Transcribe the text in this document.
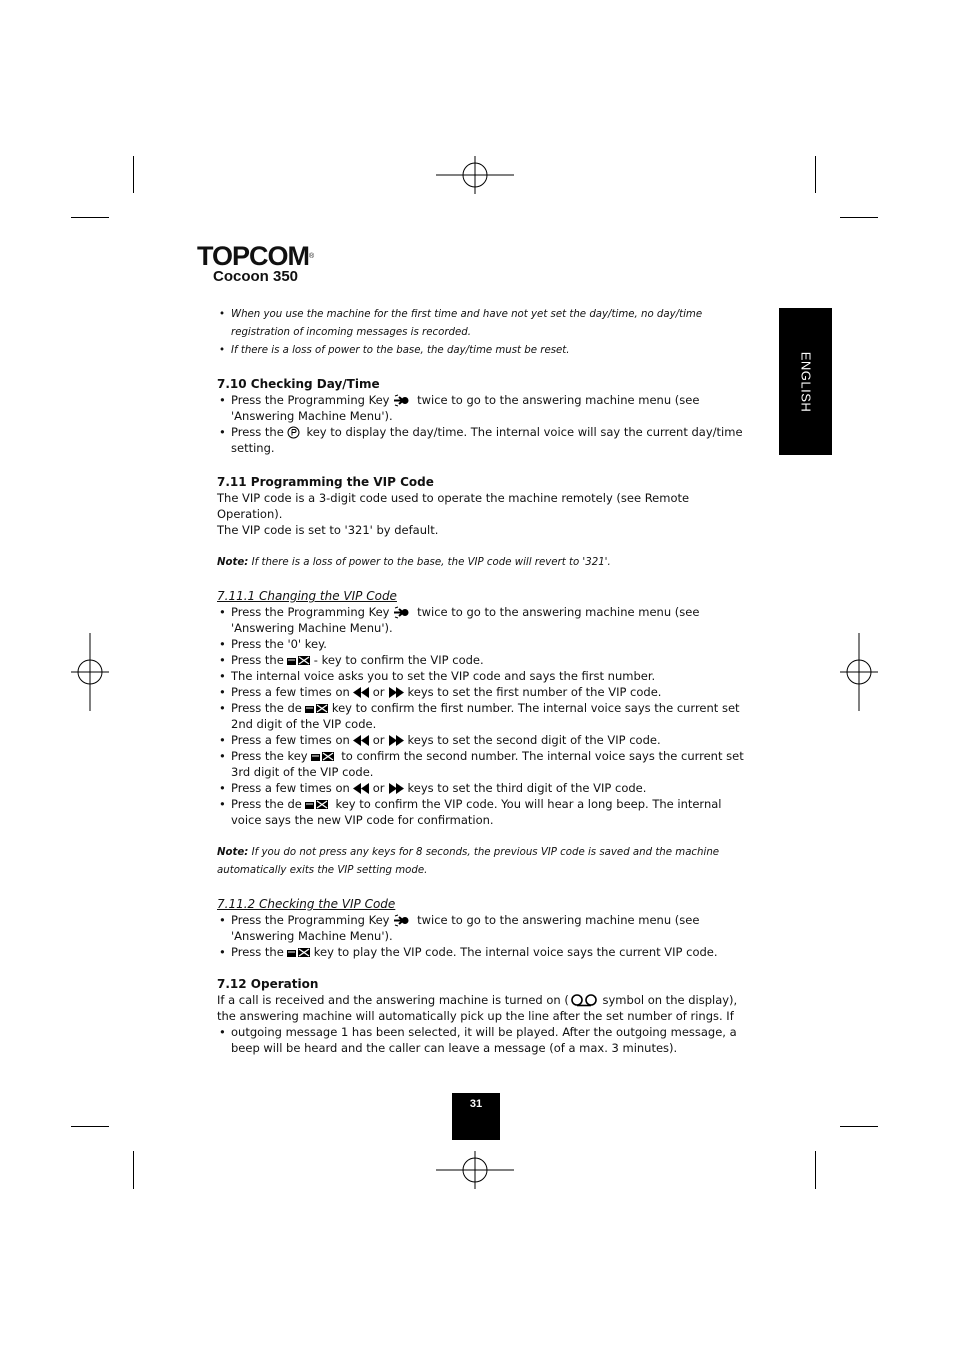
TOPCOM®
Cocoon 350
ENGLISH
• When you use the machine for the first time and have not yet set the day/time, no day/time registration of incoming messages is recorded.
• If there is a loss of power to the base, the day/time must be reset.
7.10 Checking Day/Time
• Press the Programming Key twice to go to the answering machine menu (see 'Answering Machine Menu').
• Press the key to display the day/time. The internal voice will say the current day/time setting.
7.11 Programming the VIP Code

The VIP code is a 3-digit code used to operate the machine remotely (see Remote Operation).

The VIP code is set to '321' by default.

Note: If there is a loss of power to the base, the VIP code will revert to '321'.

7.11.1 Changing the VIP Code
• Press the Programming Key twice to go to the answering machine menu (see 'Answering Machine Menu').
• Press the '0' key.
• Press the	- key to confirm the VIP code.
• The internal voice asks you to set the VIP code and says the first number.
• Press a few times on or keys to set the first number of the VIP code.
• Press the de	key to confirm the first number. The internal voice says the current set 2nd digit of the VIP code.
• Press a few times on or keys to set the second digit of the VIP code.
• Press the key	to confirm the second number. The internal voice says the current set 3rd digit of the VIP code.
• Press a few times on or keys to set the third digit of the VIP code.
• Press the de	key to confirm the VIP code. You will hear a long beep. The internal voice says the new VIP code for confirmation.

Note: If you do not press any keys for 8 seconds, the previous VIP code is saved and the machine automatically exits the VIP setting mode.

7.11.2 Checking the VIP Code
• Press the Programming Key twice to go to the answering machine menu (see 'Answering Machine Menu').
• Press the	key to play the VIP code. The internal voice says the current VIP code.
7.12 Operation

If a call is received and the answering machine is turned on (	symbol on the display), the answering machine will automatically pick up the line after the set number of rings. If

• outgoing message 1 has been selected, it will be played. After the outgoing message, a beep will be heard and the caller can leave a message (of a max. 3 minutes).
31
